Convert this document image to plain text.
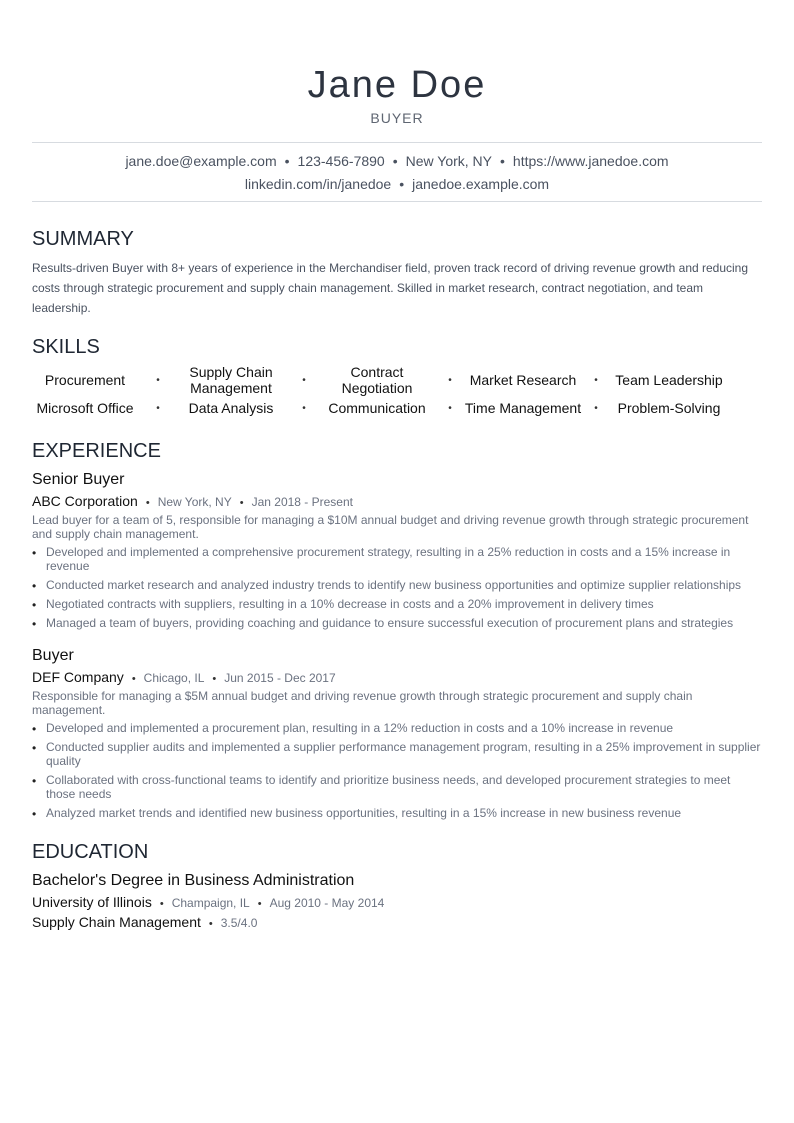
Jane Doe
BUYER
jane.doe@example.com • 123-456-7890 • New York, NY • https://www.janedoe.com
linkedin.com/in/janedoe • janedoe.example.com
SUMMARY
Results-driven Buyer with 8+ years of experience in the Merchandiser field, proven track record of driving revenue growth and reducing costs through strategic procurement and supply chain management. Skilled in market research, contract negotiation, and team leadership.
SKILLS
Procurement	•	Supply Chain Management	•	Contract Negotiation	•	Market Research	•	Team Leadership
Microsoft Office	•	Data Analysis	•	Communication	• Time Management	•	Problem-Solving
EXPERIENCE
Senior Buyer
ABC Corporation • New York, NY • Jan 2018 - Present
Lead buyer for a team of 5, responsible for managing a $10M annual budget and driving revenue growth through strategic procurement and supply chain management.
• Developed and implemented a comprehensive procurement strategy, resulting in a 25% reduction in costs and a 15% increase in revenue
• Conducted market research and analyzed industry trends to identify new business opportunities and optimize supplier relationships
• Negotiated contracts with suppliers, resulting in a 10% decrease in costs and a 20% improvement in delivery times
• Managed a team of buyers, providing coaching and guidance to ensure successful execution of procurement plans and strategies
Buyer
DEF Company • Chicago, IL • Jun 2015 - Dec 2017
Responsible for managing a $5M annual budget and driving revenue growth through strategic procurement and supply chain management.
• Developed and implemented a procurement plan, resulting in a 12% reduction in costs and a 10% increase in revenue
• Conducted supplier audits and implemented a supplier performance management program, resulting in a 25% improvement in supplier quality
• Collaborated with cross-functional teams to identify and prioritize business needs, and developed procurement strategies to meet those needs
• Analyzed market trends and identified new business opportunities, resulting in a 15% increase in new business revenue
EDUCATION
Bachelor's Degree in Business Administration
University of Illinois • Champaign, IL • Aug 2010 - May 2014
Supply Chain Management • 3.5/4.0
